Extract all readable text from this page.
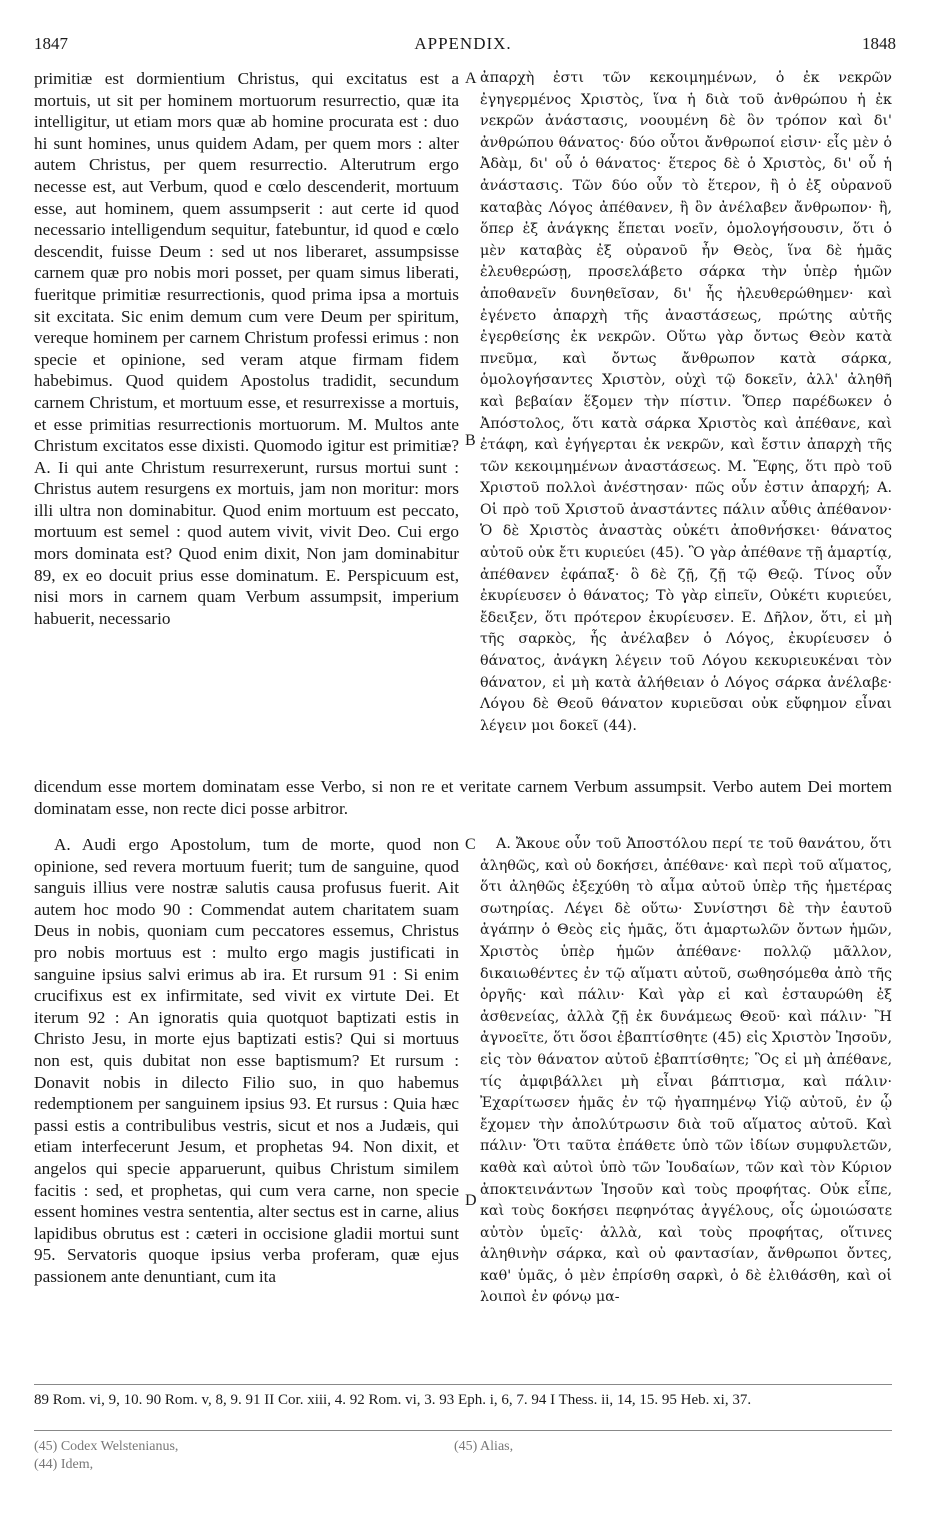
1847	APPENDIX.	1848
A
B
C
D

primitiæ est dormientium Christus, qui excitatus est a mortuis, ut sit per hominem mortuorum resurrectio, quæ ita intelligitur, ut etiam mors quæ ab homine procurata est : duo hi sunt homines, unus quidem Adam, per quem mors : alter autem Christus, per quem resurrectio. Alterutrum ergo necesse est, aut Verbum, quod e cœlo descenderit, mortuum esse, aut hominem, quem assumpserit : aut certe id quod necessario intelligendum sequitur, fatebuntur, id quod e cœlo descendit, fuisse Deum : sed ut nos liberaret, assumpsisse carnem quæ pro nobis mori posset, per quam simus liberati, fueritque primitiæ resurrectionis, quod prima ipsa a mortuis sit excitata. Sic enim demum cum vere Deum per spiritum, vereque hominem per carnem Christum professi erimus : non specie et opinione, sed veram atque firmam fidem habebimus. Quod quidem Apostolus tradidit, secundum carnem Christum, et mortuum esse, et resurrexisse a mortuis, et esse primitias resurrectionis mortuorum. M. Multos ante Christum excitatos esse dixisti. Quomodo igitur est primitiæ? A. Ii qui ante Christum resurrexerunt, rursus mortui sunt : Christus autem resurgens ex mortuis, jam non moritur: mors illi ultra non dominabitur. Quod enim mortuum est peccato, mortuum est semel : quod autem vivit, vivit Deo. Cui ergo mors dominata est? Quod enim dixit, Non jam dominabitur 89, ex eo docuit prius esse dominatum. E. Perspicuum est, nisi mors in carnem quam Verbum assumpsit, imperium habuerit, necessario

ἀπαρχὴ ἐστι τῶν κεκοιμημένων, ὁ ἐκ νεκρῶν ἐγηγερμένος Χριστὸς, ἵνα ἡ διὰ τοῦ ἀνθρώπου ἡ ἐκ νεκρῶν ἀνάστασις, νοουμένη δὲ ὃν τρόπον καὶ δι' ἀνθρώπου θάνατος· δύο οὗτοι ἄνθρωποί εἰσιν· εἷς μὲν ὁ Ἀδὰμ, δι' οὗ ὁ θάνατος· ἕτερος δὲ ὁ Χριστὸς, δι' οὗ ἡ ἀνάστασις. Τῶν δύο οὖν τὸ ἕτερον, ἢ ὁ ἐξ οὐρανοῦ καταβὰς Λόγος ἀπέθανεν, ἢ ὃν ἀνέλαβεν ἄνθρωπον· ἢ, ὅπερ ἐξ ἀνάγκης ἕπεται νοεῖν, ὁμολογήσουσιν, ὅτι ὁ μὲν καταβὰς ἐξ οὐρανοῦ ἦν Θεὸς, ἵνα δὲ ἡμᾶς ἐλευθερώσῃ, προσελάβετο σάρκα τὴν ὑπὲρ ἡμῶν ἀποθανεῖν δυνηθεῖσαν, δι' ἧς ἠλευθερώθημεν· καὶ ἐγένετο ἀπαρχὴ τῆς ἀναστάσεως, πρώτης αὐτῆς ἐγερθείσης ἐκ νεκρῶν. Οὕτω γὰρ ὄντως Θεὸν κατὰ πνεῦμα, καὶ ὄντως ἄνθρωπον κατὰ σάρκα, ὁμολογήσαντες Χριστὸν, οὐχὶ τῷ δοκεῖν, ἀλλ' ἀληθῆ καὶ βεβαίαν ἕξομεν τὴν πίστιν. Ὅπερ παρέδωκεν ὁ Ἀπόστολος, ὅτι κατὰ σάρκα Χριστὸς καὶ ἀπέθανε, καὶ ἐτάφη, καὶ ἐγήγερται ἐκ νεκρῶν, καὶ ἔστιν ἀπαρχὴ τῆς τῶν κεκοιμημένων ἀναστάσεως. Μ. Ἔφης, ὅτι πρὸ τοῦ Χριστοῦ πολλοὶ ἀνέστησαν· πῶς οὖν ἐστιν ἀπαρχή; Α. Οἱ πρὸ τοῦ Χριστοῦ ἀναστάντες πάλιν αὖθις ἀπέθανον· Ὁ δὲ Χριστὸς ἀναστὰς οὐκέτι ἀποθνήσκει· θάνατος αὐτοῦ οὐκ ἔτι κυριεύει (45). Ὃ γὰρ ἀπέθανε τῇ ἁμαρτίᾳ, ἀπέθανεν ἐφάπαξ· ὃ δὲ ζῇ, ζῇ τῷ Θεῷ. Τίνος οὖν ἐκυρίευσεν ὁ θάνατος; Τὸ γὰρ εἰπεῖν, Οὐκέτι κυριεύει, ἔδειξεν, ὅτι πρότερον ἐκυρίευσεν. Ε. Δῆλον, ὅτι, εἰ μὴ τῆς σαρκὸς, ἧς ἀνέλαβεν ὁ Λόγος, ἐκυρίευσεν ὁ θάνατος, ἀνάγκη λέγειν τοῦ Λόγου κεκυριευκέναι τὸν θάνατον, εἰ μὴ κατὰ ἀλήθειαν ὁ Λόγος σάρκα ἀνέλαβε· Λόγου δὲ Θεοῦ θάνατον κυριεῦσαι οὐκ εὔφημον εἶναι λέγειν μοι δοκεῖ (44).

dicendum esse mortem dominatam esse Verbo, si non re et veritate carnem Verbum assumpsit. Verbo autem Dei mortem dominatam esse, non recte dici posse arbitror.

A. Audi ergo Apostolum, tum de morte, quod non opinione, sed revera mortuum fuerit; tum de sanguine, quod sanguis illius vere nostræ salutis causa profusus fuerit. Ait autem hoc modo 90 : Commendat autem charitatem suam Deus in nobis, quoniam cum peccatores essemus, Christus pro nobis mortuus est : multo ergo magis justificati in sanguine ipsius salvi erimus ab ira. Et rursum 91 : Si enim crucifixus est ex infirmitate, sed vivit ex virtute Dei. Et iterum 92 : An ignoratis quia quotquot baptizati estis in Christo Jesu, in morte ejus baptizati estis? Qui si mortuus non est, quis dubitat non esse baptismum? Et rursum : Donavit nobis in dilecto Filio suo, in quo habemus redemptionem per sanguinem ipsius 93. Et rursus : Quia hæc passi estis a contribulibus vestris, sicut et nos a Judæis, qui etiam interfecerunt Jesum, et prophetas 94. Non dixit, et angelos qui specie apparuerunt, quibus Christum similem facitis : sed, et prophetas, qui cum vera carne, non specie essent homines vestra sententia, alter sectus est in carne, alius lapidibus obrutus est : cæteri in occisione gladii mortui sunt 95. Servatoris quoque ipsius verba proferam, quæ ejus passionem ante denuntiant, cum ita

Α. Ἄκουε οὖν τοῦ Ἀποστόλου περί τε τοῦ θανάτου, ὅτι ἀληθῶς, καὶ οὐ δοκήσει, ἀπέθανε· καὶ περὶ τοῦ αἵματος, ὅτι ἀληθῶς ἐξεχύθη τὸ αἷμα αὐτοῦ ὑπὲρ τῆς ἡμετέρας σωτηρίας. Λέγει δὲ οὕτω· Συνίστησι δὲ τὴν ἑαυτοῦ ἀγάπην ὁ Θεὸς εἰς ἡμᾶς, ὅτι ἁμαρτωλῶν ὄντων ἡμῶν, Χριστὸς ὑπὲρ ἡμῶν ἀπέθανε· πολλῷ μᾶλλον, δικαιωθέντες ἐν τῷ αἵματι αὐτοῦ, σωθησόμεθα ἀπὸ τῆς ὀργῆς· καὶ πάλιν· Καὶ γὰρ εἰ καὶ ἐσταυρώθη ἐξ ἀσθενείας, ἀλλὰ ζῇ ἐκ δυνάμεως Θεοῦ· καὶ πάλιν· Ἢ ἀγνοεῖτε, ὅτι ὅσοι ἐβαπτίσθητε (45) εἰς Χριστὸν Ἰησοῦν, εἰς τὸν θάνατον αὐτοῦ ἐβαπτίσθητε; Ὃς εἰ μὴ ἀπέθανε, τίς ἀμφιβάλλει μὴ εἶναι βάπτισμα, καὶ πάλιν· Ἐχαρίτωσεν ἡμᾶς ἐν τῷ ἠγαπημένῳ Υἱῷ αὐτοῦ, ἐν ᾧ ἔχομεν τὴν ἀπολύτρωσιν διὰ τοῦ αἵματος αὐτοῦ. Καὶ πάλιν· Ὅτι ταῦτα ἐπάθετε ὑπὸ τῶν ἰδίων συμφυλετῶν, καθὰ καὶ αὐτοὶ ὑπὸ τῶν Ἰουδαίων, τῶν καὶ τὸν Κύριον ἀποκτεινάντων Ἰησοῦν καὶ τοὺς προφήτας. Οὐκ εἶπε, καὶ τοὺς δοκήσει πεφηνότας ἀγγέλους, οἷς ὡμοιώσατε αὐτὸν ὑμεῖς· ἀλλὰ, καὶ τοὺς προφήτας, οἵτινες ἀληθινὴν σάρκα, καὶ οὐ φαντασίαν, ἄνθρωποι ὄντες, καθ' ὑμᾶς, ὁ μὲν ἐπρίσθη σαρκὶ, ὁ δὲ ἐλιθάσθη, καὶ οἱ λοιποὶ ἐν φόνῳ μα-

89 Rom. vi, 9, 10. 90 Rom. v, 8, 9. 91 II Cor. xiii, 4. 92 Rom. vi, 3. 93 Eph. i, 6, 7. 94 I Thess. ii, 14, 15. 95 Heb. xi, 37.
(45) Codex Welstenianus,	(45) Alias,
(44) Idem,
